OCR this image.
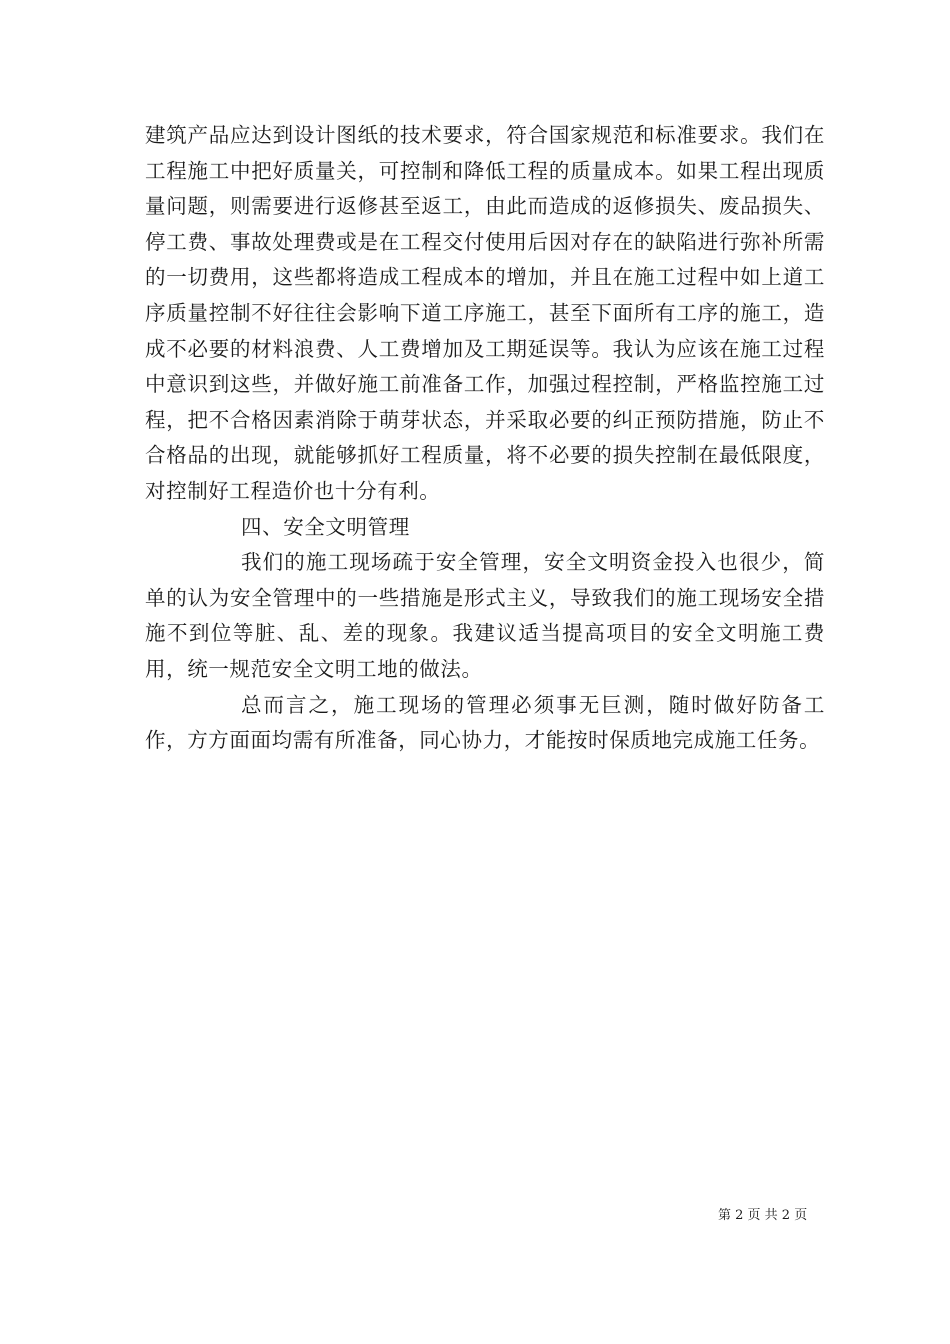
建筑产品应达到设计图纸的技术要求，符合国家规范和标准要求。我们在工程施工中把好质量关，可控制和降低工程的质量成本。如果工程出现质量问题，则需要进行返修甚至返工，由此而造成的返修损失、废品损失、停工费、事故处理费或是在工程交付使用后因对存在的缺陷进行弥补所需的一切费用，这些都将造成工程成本的增加，并且在施工过程中如上道工序质量控制不好往往会影响下道工序施工，甚至下面所有工序的施工，造成不必要的材料浪费、人工费增加及工期延误等。我认为应该在施工过程中意识到这些，并做好施工前准备工作，加强过程控制，严格监控施工过程，把不合格因素消除于萌芽状态，并采取必要的纠正预防措施，防止不合格品的出现，就能够抓好工程质量，将不必要的损失控制在最低限度，对控制好工程造价也十分有利。

四、安全文明管理

我们的施工现场疏于安全管理，安全文明资金投入也很少，简单的认为安全管理中的一些措施是形式主义，导致我们的施工现场安全措施不到位等脏、乱、差的现象。我建议适当提高项目的安全文明施工费用，统一规范安全文明工地的做法。

总而言之，施工现场的管理必须事无巨测，随时做好防备工作，方方面面均需有所准备，同心协力，才能按时保质地完成施工任务。

第 2 页 共 2 页
